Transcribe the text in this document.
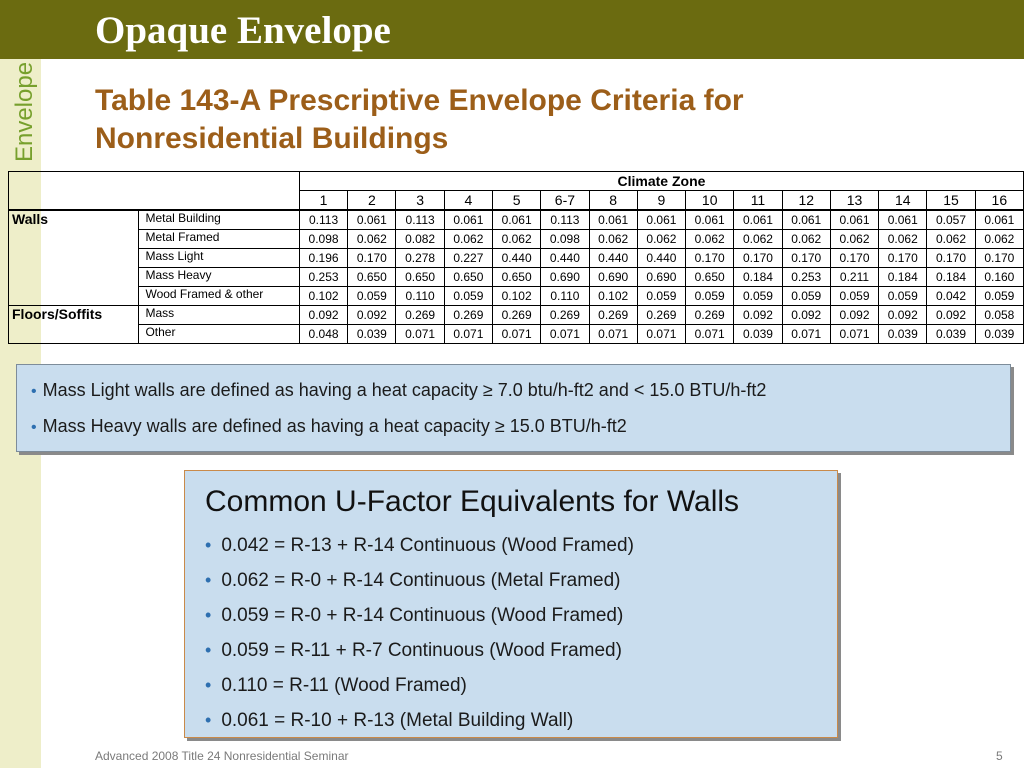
Opaque Envelope
Envelope Table 143-A Prescriptive Envelope Criteria for
Nonresidential Buildings
		Climate Zone														
		1	2	3	4	5	6-7	8	9	10	11	12	13	14	15	16
Walls	Metal Building	0.113	0.061	0.113	0.061	0.061	0.113	0.061	0.061	0.061	0.061	0.061	0.061	0.061	0.057	0.061
	Metal Framed	0.098	0.062	0.082	0.062	0.062	0.098	0.062	0.062	0.062	0.062	0.062	0.062	0.062	0.062	0.062
	Mass Light	0.196	0.170	0.278	0.227	0.440	0.440	0.440	0.440	0.170	0.170	0.170	0.170	0.170	0.170	0.170
	Mass Heavy	0.253	0.650	0.650	0.650	0.650	0.690	0.690	0.690	0.650	0.184	0.253	0.211	0.184	0.184	0.160
	Wood Framed & other	0.102	0.059	0.110	0.059	0.102	0.110	0.102	0.059	0.059	0.059	0.059	0.059	0.059	0.042	0.059
Floors/Soffits	Mass	0.092	0.092	0.269	0.269	0.269	0.269	0.269	0.269	0.269	0.092	0.092	0.092	0.092	0.092	0.058
	Other	0.048	0.039	0.071	0.071	0.071	0.071	0.071	0.071	0.071	0.039	0.071	0.071	0.039	0.039	0.039
• Mass Light walls are defined as having a heat capacity ≥ 7.0 btu/h-ft2 and < 15.0 BTU/h-ft2
• Mass Heavy walls are defined as having a heat capacity ≥ 15.0 BTU/h-ft2
Common U-Factor Equivalents for Walls
• 0.042 = R-13 + R-14 Continuous (Wood Framed)
• 0.062 = R-0 + R-14 Continuous (Metal Framed)
• 0.059 = R-0 + R-14 Continuous (Wood Framed)
• 0.059 = R-11 + R-7 Continuous (Wood Framed)
• 0.110 = R-11 (Wood Framed)
• 0.061 = R-10 + R-13 (Metal Building Wall)
Advanced 2008 Title 24 Nonresidential Seminar	5
